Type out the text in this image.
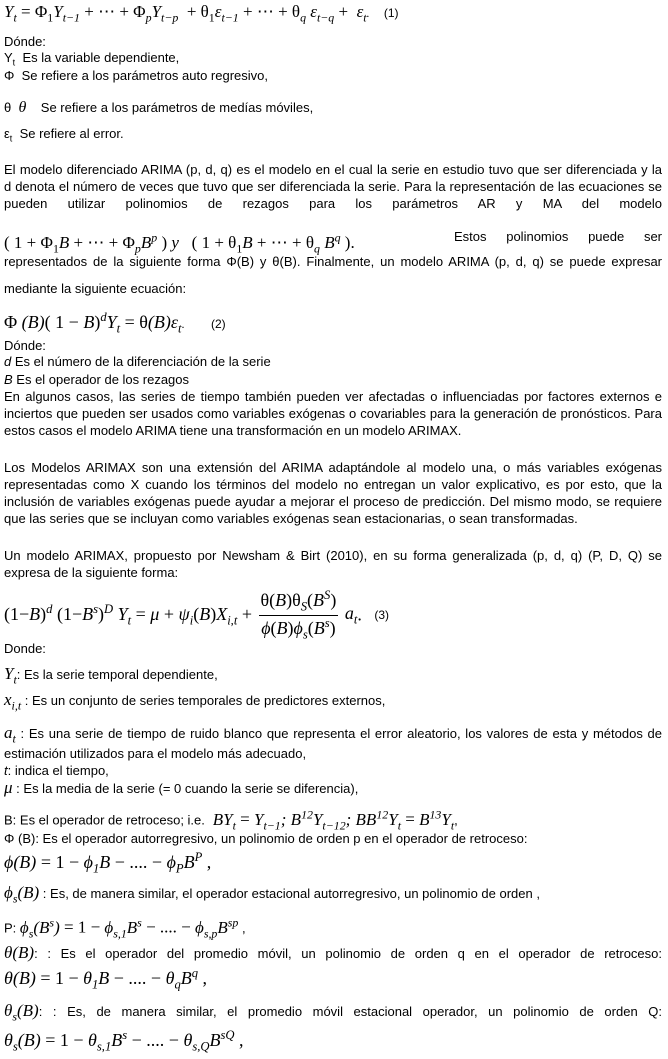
$Y_t = \Phi_1Y_{t-1}$ + ⋯ + $\Phi_pY_{t-p} + \theta_1\varepsilon_{t-1}$ + ⋯ + $\theta_q$ $\varepsilon_{t-q} + \varepsilon_t$. (1)
Dónde:
$Y_t$ Es la variable dependiente,
Φ  Se refiere a los parámetros auto regresivo,
θ  θ Se refiere a los parámetros de medías móviles,
$\varepsilon_t$ Se refiere al error.
El modelo diferenciado ARIMA (p, d, q) es el modelo en el cual la serie en estudio tuvo que ser diferenciada y la
d denota el número de veces que tuvo que ser diferenciada la serie. Para la representación de las ecuaciones se
pueden utilizar polinomios de rezagos para los parámetros AR y MA del modelo
( $1 + \Phi_1B$ + ⋯ + $\Phi_pB^p$ ) y   ( $1 + \theta_1B$ + ⋯ + $\theta_q$ $B^q$ ).	Estos polinomios puede ser
representados de la siguiente forma Φ(B) y θ(B). Finalmente, un modelo ARIMA (p, d, q) se puede expresar
mediante la siguiente ecuación:
Φ (B)( $1 - B)^dY_t = \theta(B)\varepsilon_t$. (2)
Dónde:
d Es el número de la diferenciación de la serie
B Es el operador de los rezagos
En algunos casos, las series de tiempo también pueden ver afectadas o influenciadas por factores externos e
inciertos que pueden ser usados como variables exógenas o covariables para la generación de pronósticos. Para
estos casos el modelo ARIMA tiene una transformación en un modelo ARIMAX.
Los Modelos ARIMAX son una extensión del ARIMA adaptándole al modelo una, o más variables exógenas
representadas como X cuando los términos del modelo no entregan un valor explicativo, es por esto, que la
inclusión de variables exógenas puede ayudar a mejorar el proceso de predicción. Del mismo modo, se requiere
que las series que se incluyan como variables exógenas sean estacionarias, o sean transformadas.
Un modelo ARIMAX, propuesto por Newsham & Birt (2010), en su forma generalizada (p, d, q) (P, D, Q) se
expresa de la siguiente forma:
$(1-B)^d$ $(1-B^s)^D$ $Y_t = \mu + \psi_i(B)X_{i,t} + \frac{\theta(B)\theta_S(B^S)}{\phi(B)\phi_s(B^s)} a_t$. (3)
Donde:
$Y_t$: Es la serie temporal dependiente,
$x_{i,t}$ : Es un conjunto de series temporales de predictores externos,
$a_t$ : Es una serie de tiempo de ruido blanco que representa el error aleatorio, los valores de esta y métodos de
estimación utilizados para el modelo más adecuado,
t: indica el tiempo,
μ : Es la media de la serie (= 0 cuando la serie se diferencia),
B: Es el operador de retroceso; i.e.  $BY_t = Y_{t-1}$; $B^{12}Y_{t-12}$; $BB^{12}Y_t = B^{13}Y_t$,
Φ (B): Es el operador autorregresivo, un polinomio de orden p en el operador de retroceso:
$\phi(B) = 1 - \phi_1B$ − .... − $\phi_PB^P$ ,
$\phi_s(B)$ : Es, de manera similar, el operador estacional autorregresivo, un polinomio de orden ,
P: $\phi_s(B^s) = 1 - \phi_{s,1}B^s$ − .... − $\phi_{s,p}B^{sp}$ ,
θ(B): : Es el operador del promedio móvil, un polinomio de orden q en el operador de retroceso:
$\theta(B) = 1 - \theta_1B$ − .... − $\theta_qB^q$ ,
$\theta_s(B)$: : Es, de manera similar, el promedio móvil estacional operador, un polinomio de orden Q:
$\theta_s(B) = 1 - \theta_{s,1}B^s$ − .... − $\theta_{s,Q}B^{sQ}$ ,
